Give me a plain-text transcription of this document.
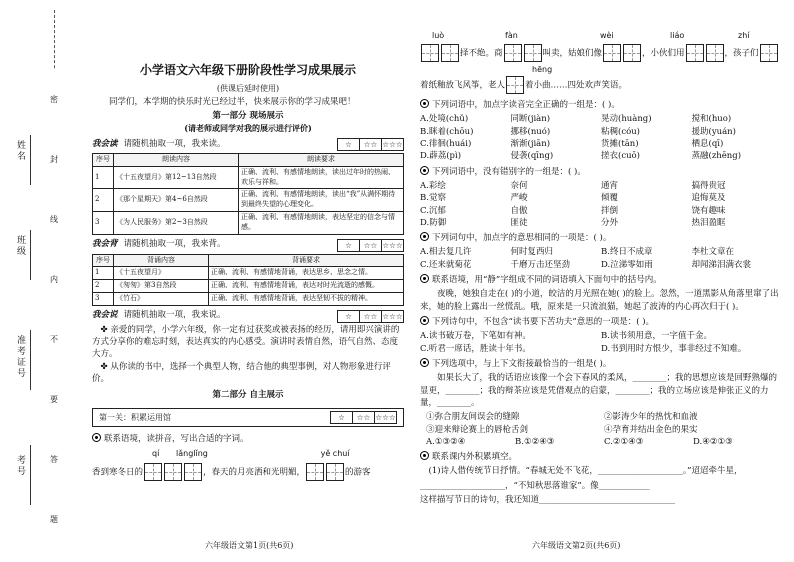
姓名
班级
准考证号
考号
密
封
线
内
不
要
答
题
小学语文六年级下册阶段性学习成果展示
(供课后延时使用)
同学们，本学期的快乐时光已经过半，快来展示你的学习成果吧！
第一部分 现场展示
(请老师或同学对我的展示进行评价)
我会读 请随机抽取一项，我来读。	☆	☆☆ ☆☆☆
序号	朗读内容	朗读要求
1	《十五夜望月》第12~13自然段	正确、流利、有感情地朗读，读出过年时的热闹、欢乐与祥和。
2	《那个星期天》第4~6自然段	正确、流利、有感情地朗读，读出“我”从满怀期待到最终失望的心理变化。
3	《为人民服务》第2~3自然段	正确、流利、有感情地朗读，表达坚定的信念与情感。
我会背 请随机抽取一项，我来背。	☆	☆☆ ☆☆☆
序号	背诵内容	背诵要求
1	《十五夜望月》	正确、流利、有感情地背诵，表达思乡、思念之情。
2	《匆匆》第3自然段	正确、流利、有感情地背诵，表达对时光流逝的感慨。
3	《竹石》	正确、流利、有感情地背诵，表达坚韧不拔的精神。
我会说 请随机抽取一项，我来说。	☆	☆☆ ☆☆☆
✤ 亲爱的同学，小学六年级，你一定有过获奖或被表扬的经历，请用即兴演讲的方式分享你的难忘时刻，表达真实的内心感受。演讲时表情自然，语气自然、态度大方。
✤ 从你读的书中，选择一个典型人物，结合他的典型事例，对人物形象进行评价。
第二部分 自主展示
第一关：积累运用馆	☆	☆☆ ☆☆☆
联系语境，读拼音，写出合适的字词。
qí lǎnglǐng	yě chuí
香到寒冬日的	，春天的月亮洒和光明媚，	的游客
六年级语文第1页(共6页)
luò	fàn	wèi	liáo	zhí
择不绝。商	叫卖，姑娘们像	，小伙们用	，孩子们
hēng
着纸釉放飞风筝，老人 着小曲……四处欢声笑语。
下列词语中，加点字读音完全正确的一组是：( )。
A.处境(chǔ)	同断(jiàn)	晃动(huàng)	搅和(huo)
B.眯着(chōu)	挪移(nuó)	粘稠(cóu)	援助(yuán)
C.徘徊(huái)	渐渐(jiān)	货摊(tān)	栖息(qī)
D.薜荔(pì)	侵袭(qīng)	搓衣(cuō)	蒸融(zhēng)
下列词语中，没有错别字的一组是：( )。
A.彩绘	奈何	通宵	搞得贵冠
B.觉察	严峻	倾覆	追悔莫及
C.沉郁	自傲	拌倒	饶有趣味
D.防御	匪徒	分外	热泪盈眶
下列词句中，加点字的意思相同的一项是：( )。
A.相去复几许	何时复西归	B.终日不成章	李杜文章在
C.还来就菊花	千磨万击还坚劲	D.泣涕零如雨	却闻涕泪满衣裳
联系语境，用“静”字组成不同的词语填入下面句中的括号内。
夜晚，她独自走在( )的小道，皎洁的月光照在她( )的脸上。忽然，一道黑影从角落里窜了出来，她的脸上露出一丝慌乱。哦，原来是一只流浪猫，她起了波涛的内心再次归于( )。
下列诗句中，不包含“读书要下苦功夫”意思的一项是：( )。
A.读书破万卷，下笔如有神。	B.读书须用意，一字值千金。
C.听君一席话，胜读十年书。	D.书到用时方恨少，事非经过不知难。
下列选项中，与上下文衔接最恰当的一组是( )。
如果长大了，我的话语应该像一个会下春风的柔风，________；我的思想应该是回野熟爆的显更，________；我的辩茶应该是凭借观点的启蒙，________；我的立场应该是伸张正义的力量，________。
①弥合朋友间误会的缝隙	②影涛少年的热忱和血液
③迎来辩论赛上的唇枪舌剑	④孕育并结出金色的果实
A.①③②④	B.①②④③	C.②①④③	D.④②①③
联系课内外积累填空。
(1)诗人借传统节日抒情。“春城无处不飞花，____________________。”迢迢牵牛星，
____________________，“不知秋思落谁家”。像____________
这样描写节日的诗句，我还知道________________________________
六年级语文第2页(共6页)
